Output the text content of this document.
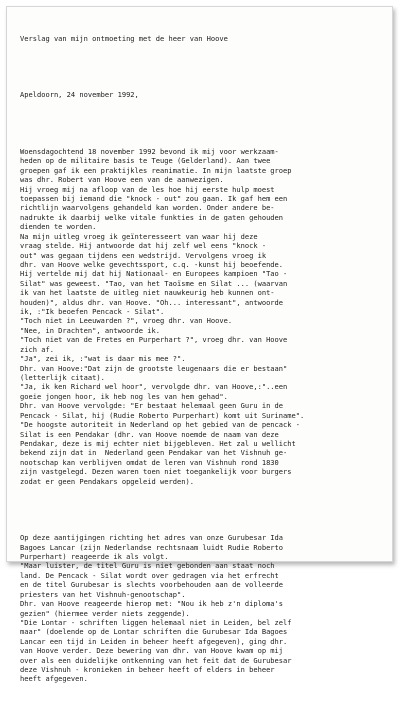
Verslag van mijn ontmoeting met de heer van Hoove

Apeldoorn, 24 november 1992,

Woensdagochtend 18 november 1992 bevond ik mij voor werkzaam-
heden op de militaire basis te Teuge (Gelderland). Aan twee
groepen gaf ik een praktijkles reanimatie. In mijn laatste groep
was dhr. Robert van Hoove een van de aanwezigen.
Hij vroeg mij na afloop van de les hoe hij eerste hulp moest
toepassen bij iemand die "knock - out" zou gaan. Ik gaf hem een
richtlijn waarvolgens gehandeld kan worden. Onder andere be-
nadrukte ik daarbij welke vitale funkties in de gaten gehouden
dienden te worden.
Na mijn uitleg vroeg ik geïnteresseert van waar hij deze
vraag stelde. Hij antwoorde dat hij zelf wel eens "knock -
out" was gegaan tijdens een wedstrijd. Vervolgens vroeg ik
dhr. van Hoove welke gevechtssport, c.q. -kunst hij beoefende.
Hij vertelde mij dat hij Nationaal- en Europees kampioen "Tao -
Silat" was geweest. "Tao, van het Taoïsme en Silat ... (waarvan
ik van het laatste de uitleg niet nauwkeurig heb kunnen ont-
houden)", aldus dhr. van Hoove. "Oh... interessant", antwoorde
ik, :"Ik beoefen Pencack - Silat".
"Toch niet in Leeuwarden ?", vroeg dhr. van Hoove.
"Nee, in Drachten", antwoorde ik.
"Toch niet van de Fretes en Purperhart ?", vroeg dhr. van Hoove
zich af.
"Ja", zei ik, :"wat is daar mis mee ?".
Dhr. van Hoove:"Dat zijn de grootste leugenaars die er bestaan"
(letterlijk citaat).
"Ja, ik ken Richard wel hoor", vervolgde dhr. van Hoove,:"..een
goeie jongen hoor, ik heb nog les van hem gehad".
Dhr. van Hoove vervolgde: "Er bestaat helemaal geen Guru in de
Pencack - Silat, hij (Rudie Roberto Purperhart) komt uit Suriname".
"De hoogste autoriteit in Nederland op het gebied van de pencack -
Silat is een Pendakar (dhr. van Hoove noemde de naam van deze
Pendakar, deze is mij echter niet bijgebleven. Het zal u wellicht
bekend zijn dat in  Nederland geen Pendakar van het Vishnuh ge-
nootschap kan verblijven omdat de leren van Vishnuh rond 1830
zijn vastgelegd. Dezen waren toen niet toegankelijk voor burgers
zodat er geen Pendakars opgeleid werden).

Op deze aantijgingen richting het adres van onze Gurubesar Ida
Bagoes Lancar (zijn Nederlandse rechtsnaam luidt Rudie Roberto
Purperhart) reageerde ik als volgt.
"Maar luister, de titel Guru is niet gebonden aan staat noch
land. De Pencack - Silat wordt over gedragen via het erfrecht
en de titel Gurubesar is slechts voorbehouden aan de volleerde
priesters van het Vishnuh-genootschap".
Dhr. van Hoove reageerde hierop met: "Nou ik heb z'n diploma's
gezien" (hiermee verder niets zeggende).
"Die Lontar - schriften liggen helemaal niet in Leiden, bel zelf
maar" (doelende op de Lontar schriften die Gurubesar Ida Bagoes
Lancar een tijd in Leiden in beheer heeft afgegeven), ging dhr.
van Hoove verder. Deze bewering van dhr. van Hoove kwam op mij
over als een duidelijke ontkenning van het feit dat de Gurubesar
deze Vishnuh - kronieken in beheer heeft of elders in beheer
heeft afgegeven.
